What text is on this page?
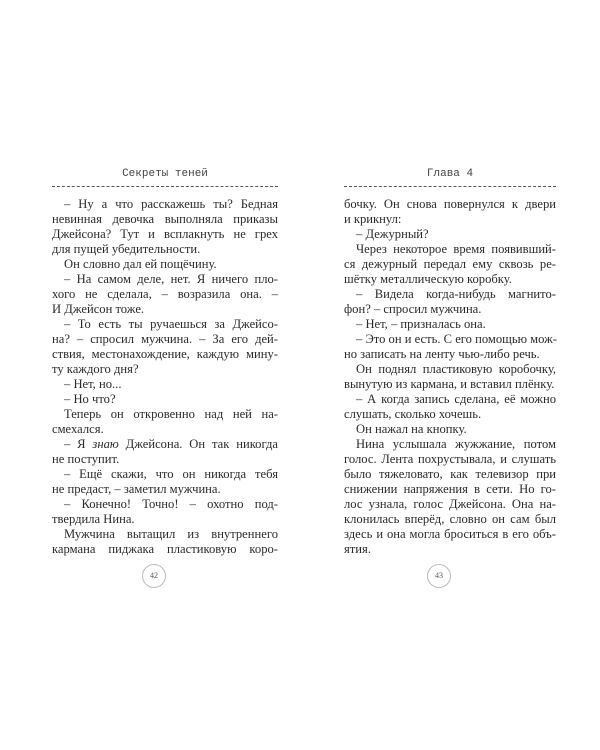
Секреты теней
– Ну а что расскажешь ты? Бедная
невинная девочка выполняла приказы
Джейсона? Тут и всплакнуть не грех
для пущей убедительности.
Он словно дал ей пощёчину.
– На самом деле, нет. Я ничего пло-
хого не сделала, – возразила она. –
И Джейсон тоже.
– То есть ты ручаешься за Джейсо-
на? – спросил мужчина. – За его дей-
ствия, местонахождение, каждую мину-
ту каждого дня?
– Нет, но...
– Но что?
Теперь он откровенно над ней на-
смехался.
– Я знаю Джейсона. Он так никогда
не поступит.
– Ещё скажи, что он никогда тебя
не предаст, – заметил мужчина.
– Конечно! Точно! – охотно под-
твердила Нина.
Мужчина вытащил из внутреннего
кармана пиджака пластиковую коро-
42
Глава 4
бочку. Он снова повернулся к двери
и крикнул:
– Дежурный?
Через некоторое время появивший-
ся дежурный передал ему сквозь ре-
шётку металлическую коробку.
– Видела когда-нибудь магнито-
фон? – спросил мужчина.
– Нет, – призналась она.
– Это он и есть. С его помощью мож-
но записать на ленту чью-либо речь.
Он поднял пластиковую коробочку,
вынутую из кармана, и вставил плёнку.
– А когда запись сделана, её можно
слушать, сколько хочешь.
Он нажал на кнопку.
Нина услышала жужжание, потом
голос. Лента похрустывала, и слушать
было тяжеловато, как телевизор при
снижении напряжения в сети. Но го-
лос узнала, голос Джейсона. Она на-
клонилась вперёд, словно он сам был
здесь и она могла броситься в его объ-
ятия.
43
